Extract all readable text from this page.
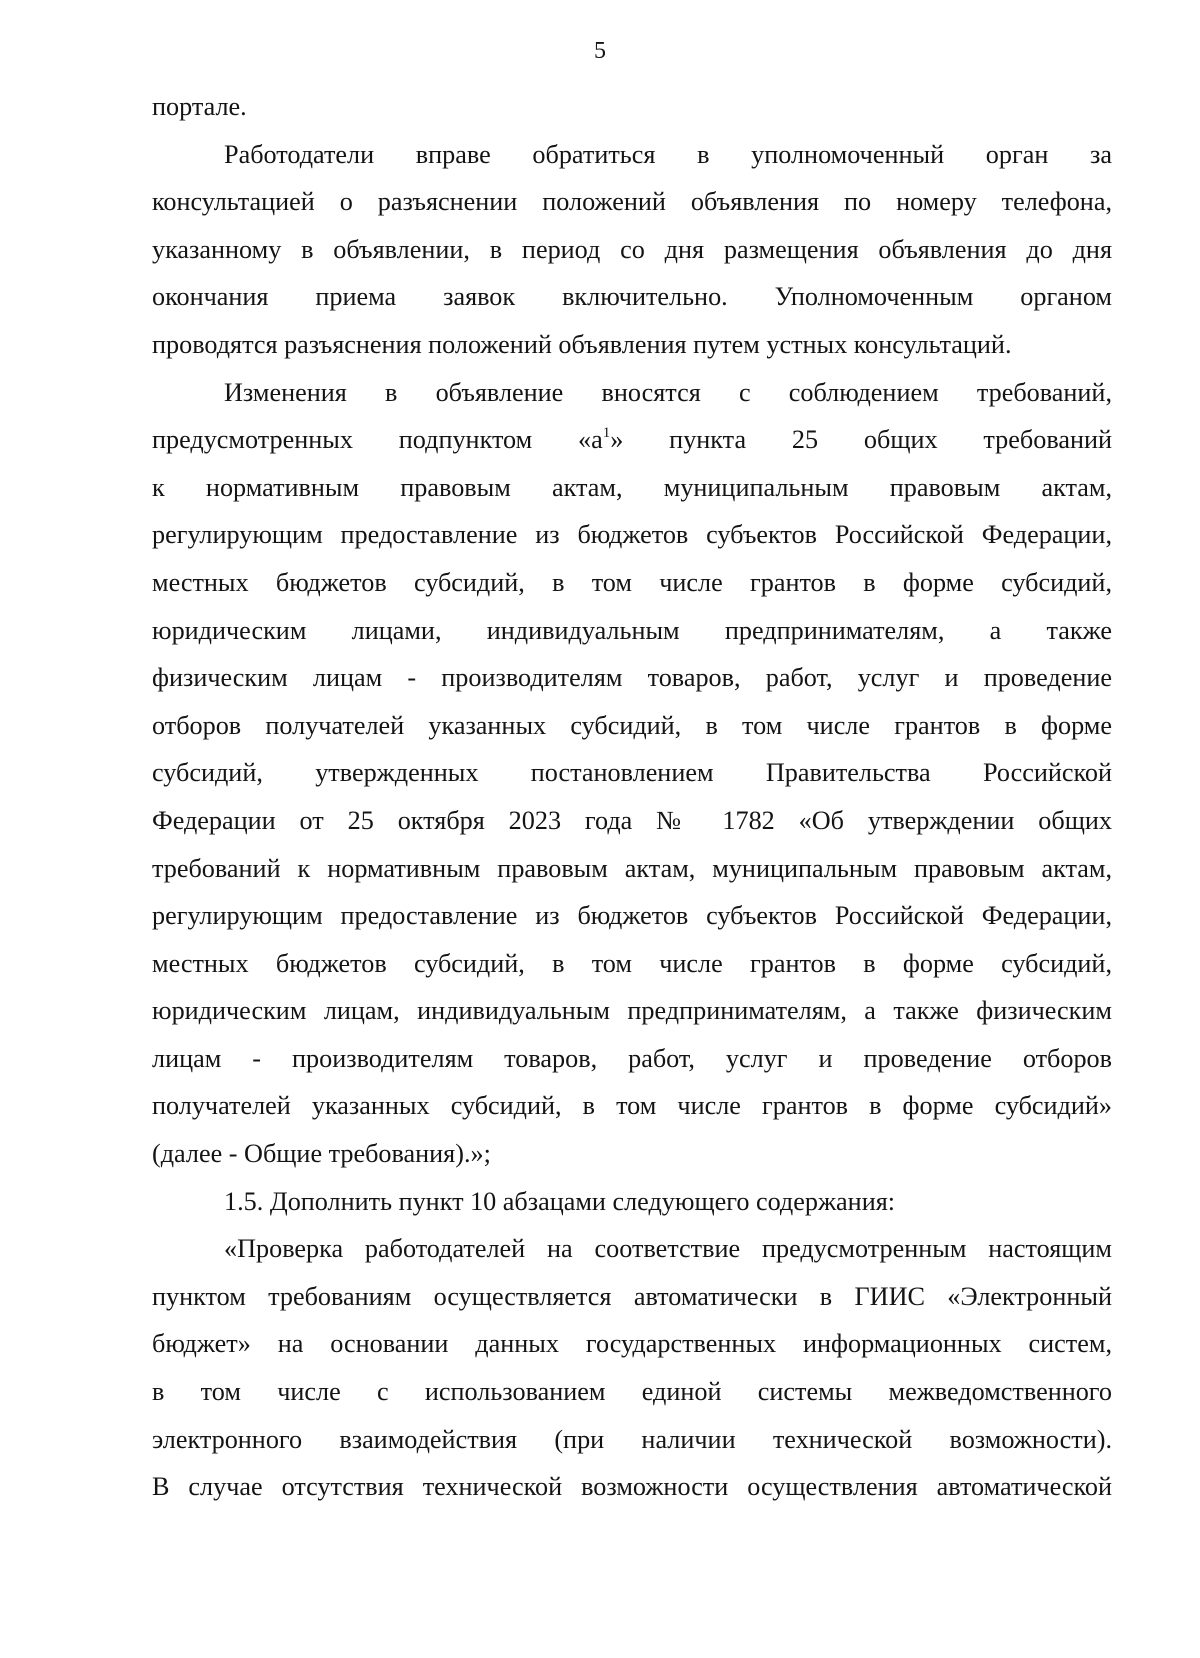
5
портале.
Работодатели вправе обратиться в уполномоченный орган за
консультацией о разъяснении положений объявления по номеру телефона,
указанному в объявлении, в период со дня размещения объявления до дня
окончания приема заявок включительно. Уполномоченным органом
проводятся разъяснения положений объявления путем устных консультаций.
Изменения в объявление вносятся с соблюдением требований,
предусмотренных подпунктом «$а^1$» пункта 25 общих требований
к нормативным правовым актам, муниципальным правовым актам,
регулирующим предоставление из бюджетов субъектов Российской Федерации,
местных бюджетов субсидий, в том числе грантов в форме субсидий,
юридическим лицами, индивидуальным предпринимателям, а также
физическим лицам - производителям товаров, работ, услуг и проведение
отборов получателей указанных субсидий, в том числе грантов в форме
субсидий, утвержденных постановлением Правительства Российской
Федерации от 25 октября 2023 года № 1782 «Об утверждении общих
требований к нормативным правовым актам, муниципальным правовым актам,
регулирующим предоставление из бюджетов субъектов Российской Федерации,
местных бюджетов субсидий, в том числе грантов в форме субсидий,
юридическим лицам, индивидуальным предпринимателям, а также физическим
лицам - производителям товаров, работ, услуг и проведение отборов
получателей указанных субсидий, в том числе грантов в форме субсидий»
(далее - Общие требования).»;
1.5. Дополнить пункт 10 абзацами следующего содержания:
«Проверка работодателей на соответствие предусмотренным настоящим
пунктом требованиям осуществляется автоматически в ГИИС «Электронный
бюджет» на основании данных государственных информационных систем,
в том числе с использованием единой системы межведомственного
электронного взаимодействия (при наличии технической возможности).
В случае отсутствия технической возможности осуществления автоматической
